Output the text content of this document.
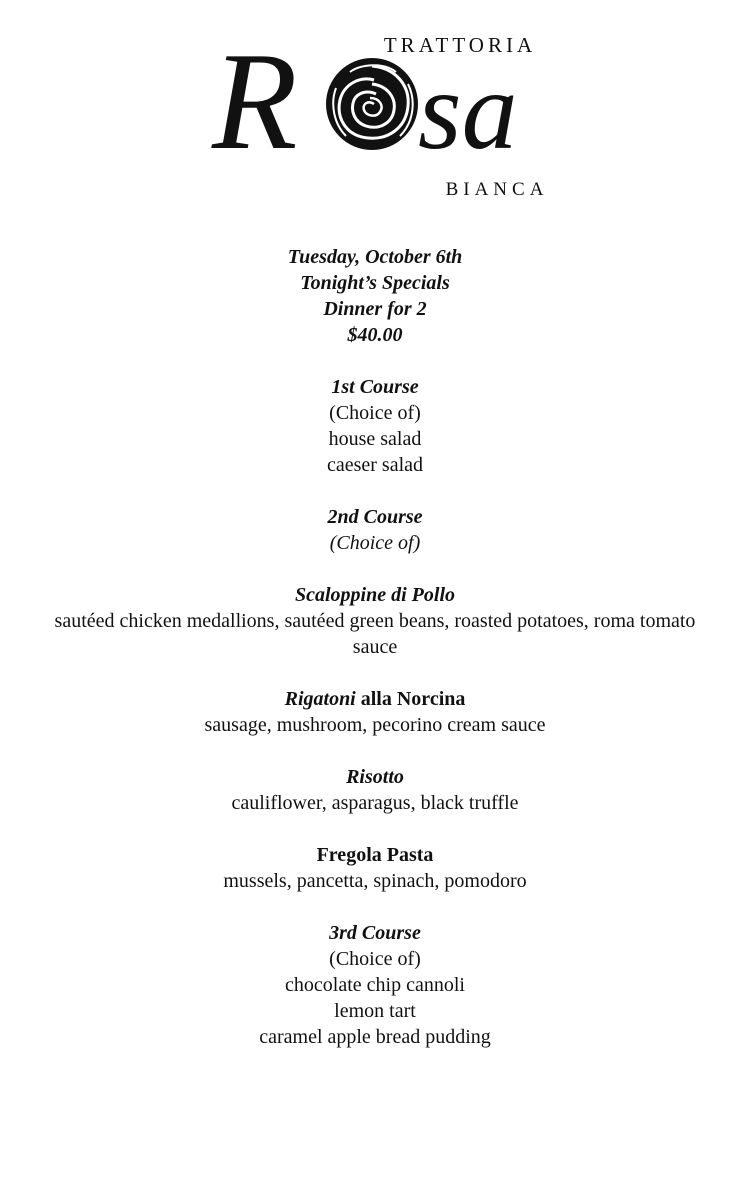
TRATTORIA
R sa
BIANCA

Tuesday, October 6th

Tonight’s Specials

Dinner for 2

$40.00

1st Course

(Choice of)

house salad

caeser salad

2nd Course

(Choice of)

Scaloppine di Pollo

sautéed chicken medallions, sautéed green beans, roasted potatoes, roma tomato sauce

Rigatoni alla Norcina

sausage, mushroom, pecorino cream sauce

Risotto

cauliflower, asparagus, black truffle

Fregola Pasta

mussels, pancetta, spinach, pomodoro

3rd Course

(Choice of)

chocolate chip cannoli

lemon tart

caramel apple bread pudding
